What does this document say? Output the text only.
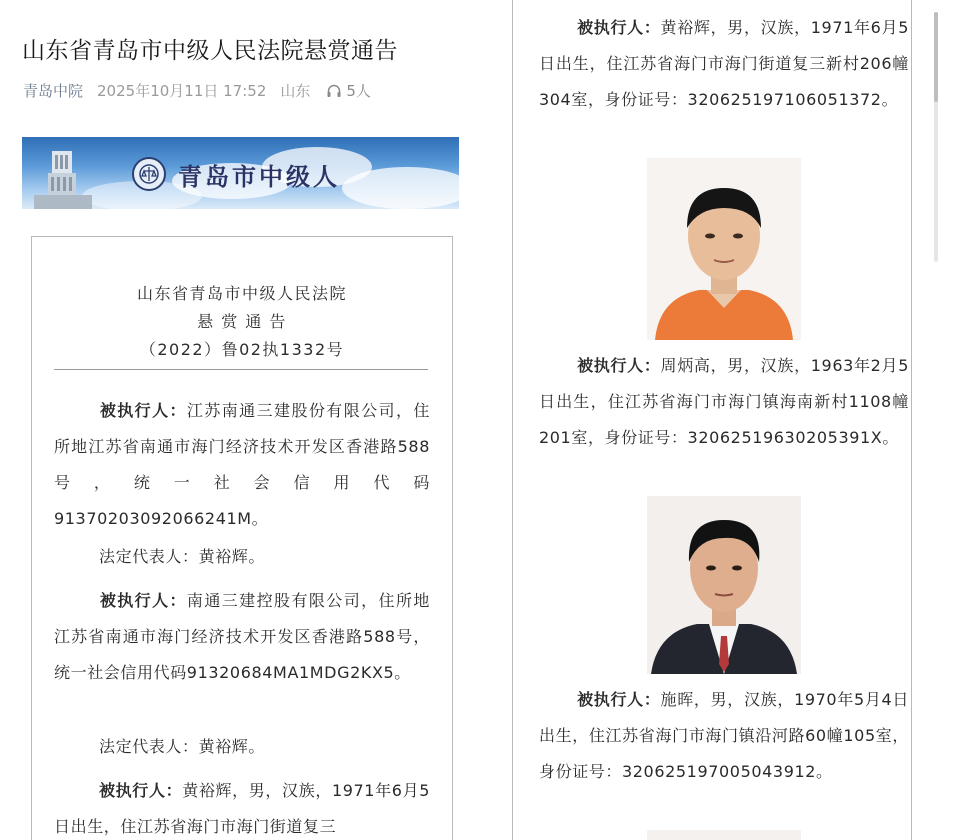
山东省青岛市中级人民法院悬赏通告
青岛中院 2025年10月11日 17:52 山东 5人
青岛市中级人
山东省青岛市中级人民法院
悬 赏 通 告
（2022）鲁02执1332号
被执行人：江苏南通三建股份有限公司，住所地江苏省南通市海门经济技术开发区香港路588号，统一社会信用代码91370203092066241M。
法定代表人：黄裕辉。
被执行人：南通三建控股有限公司，住所地江苏省南通市海门经济技术开发区香港路588号，统一社会信用代码91320684MA1MDG2KX5。
法定代表人：黄裕辉。
被执行人：黄裕辉，男，汉族，1971年6月5日出生，住江苏省海门市海门街道复三
被执行人：黄裕辉，男，汉族，1971年6月5日出生，住江苏省海门市海门街道复三新村206幢304室，身份证号：320625197106051372。
被执行人：周炳高，男，汉族，1963年2月5日出生，住江苏省海门市海门镇海南新村1108幢201室，身份证号：32062519630205391X。
被执行人：施晖，男，汉族，1970年5月4日出生，住江苏省海门市海门镇沿河路60幢105室，身份证号：320625197005043912。
